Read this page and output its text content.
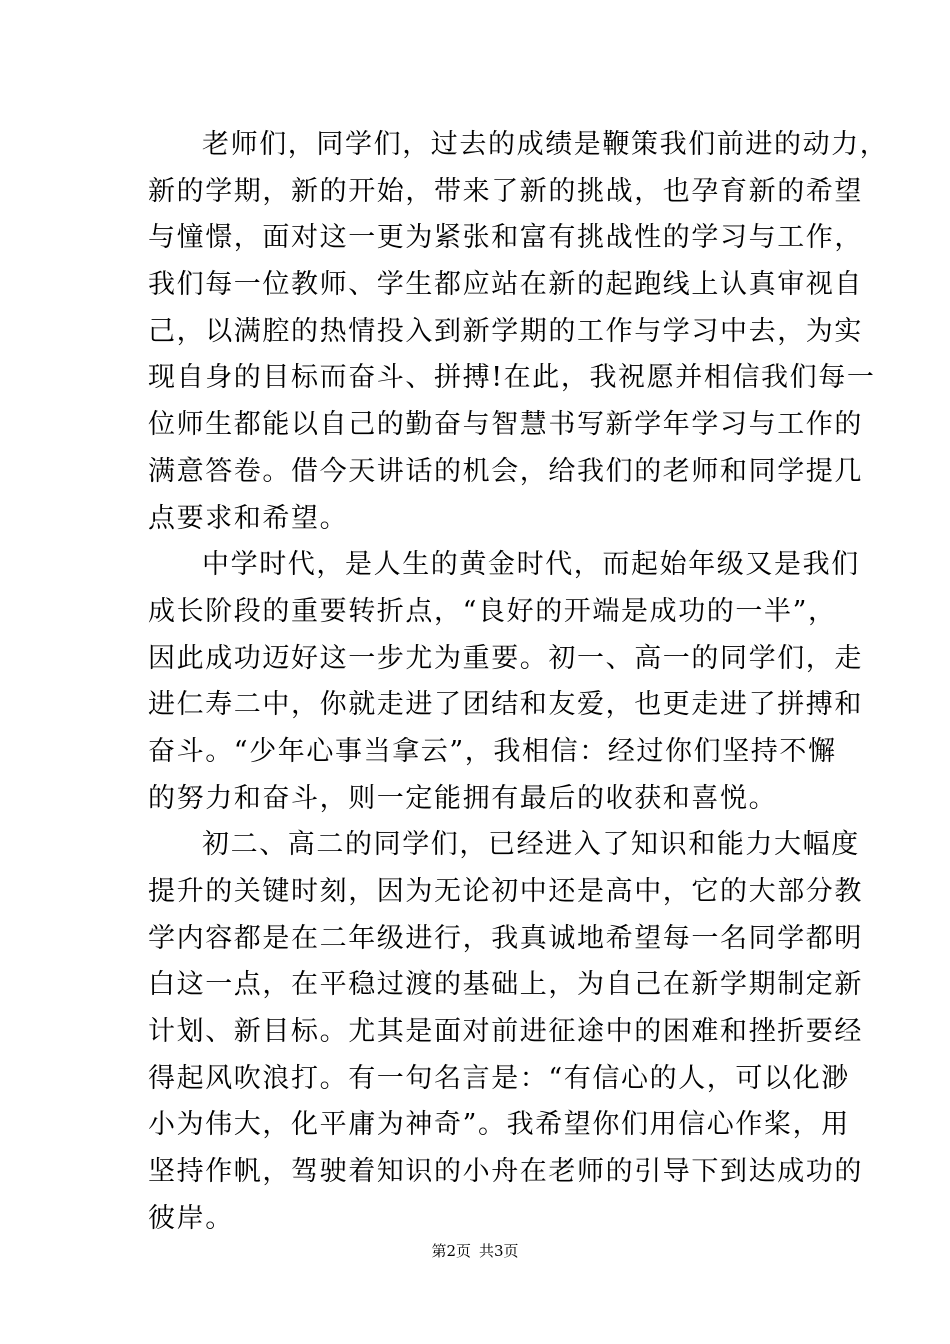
老师们，同学们，过去的成绩是鞭策我们前进的动力，
新的学期，新的开始，带来了新的挑战，也孕育新的希望
与憧憬，面对这一更为紧张和富有挑战性的学习与工作，
我们每一位教师、学生都应站在新的起跑线上认真审视自
己，以满腔的热情投入到新学期的工作与学习中去，为实
现自身的目标而奋斗、拼搏!在此，我祝愿并相信我们每一
位师生都能以自己的勤奋与智慧书写新学年学习与工作的
满意答卷。借今天讲话的机会，给我们的老师和同学提几
点要求和希望。
中学时代，是人生的黄金时代，而起始年级又是我们
成长阶段的重要转折点，“良好的开端是成功的一半”，
因此成功迈好这一步尤为重要。初一、高一的同学们，走
进仁寿二中，你就走进了团结和友爱，也更走进了拼搏和
奋斗。“少年心事当拿云”，我相信：经过你们坚持不懈
的努力和奋斗，则一定能拥有最后的收获和喜悦。
初二、高二的同学们，已经进入了知识和能力大幅度
提升的关键时刻，因为无论初中还是高中，它的大部分教
学内容都是在二年级进行，我真诚地希望每一名同学都明
白这一点，在平稳过渡的基础上，为自己在新学期制定新
计划、新目标。尤其是面对前进征途中的困难和挫折要经
得起风吹浪打。有一句名言是：“有信心的人，可以化渺
小为伟大，化平庸为神奇”。我希望你们用信心作桨，用
坚持作帆，驾驶着知识的小舟在老师的引导下到达成功的
彼岸。
第2页 共3页
